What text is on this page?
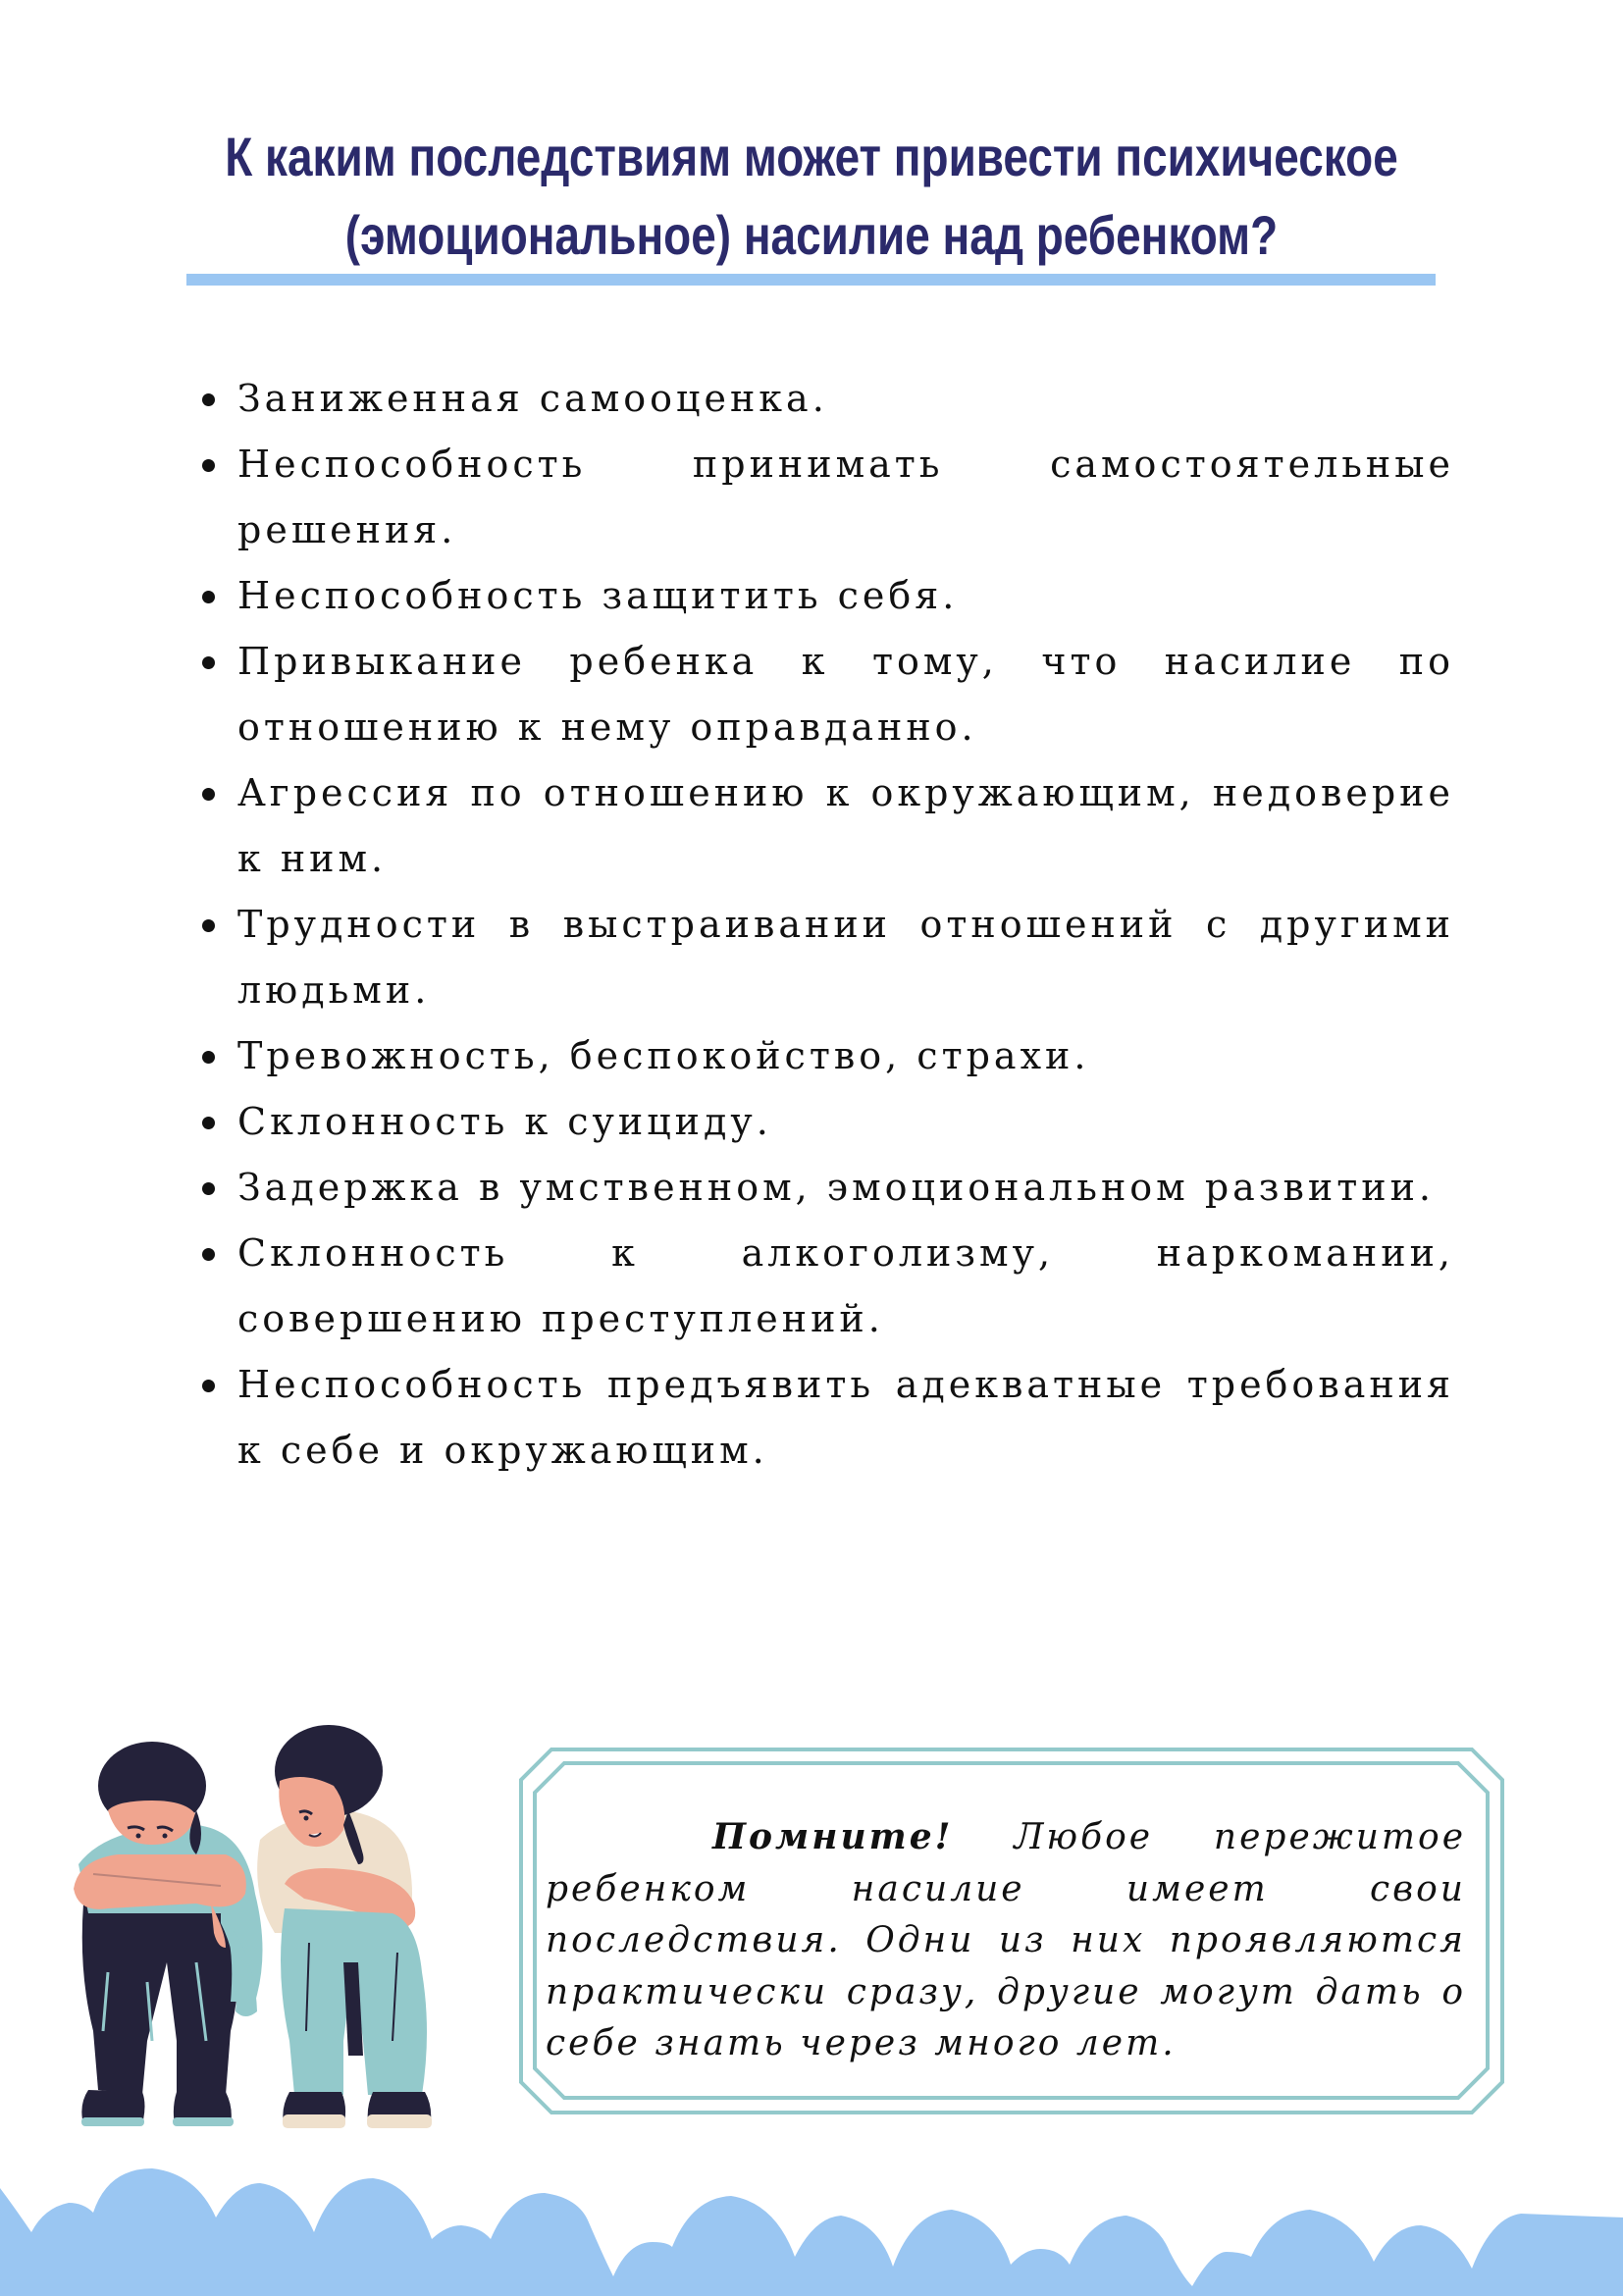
К каким последствиям может привести психическое
(эмоциональное) насилие над ребенком?
Заниженная самооценка.
Неспособность принимать самостоятельные решения.
Неспособность защитить себя.
Привыкание ребенка к тому, что насилие по отношению к нему оправданно.
Агрессия по отношению к окружающим, недоверие к ним.
Трудности в выстраивании отношений с другими людьми.
Тревожность, беспокойство, страхи.
Склонность к суициду.
Задержка в умственном, эмоциональном развитии.
Склонность к алкоголизму, наркомании, совершению преступлений.
Неспособность предъявить адекватные требования к себе и окружающим.

Помните! Любое пережитое ребенком насилие имеет свои последствия. Одни из них проявляются практически сразу, другие могут дать о себе знать через много лет.
